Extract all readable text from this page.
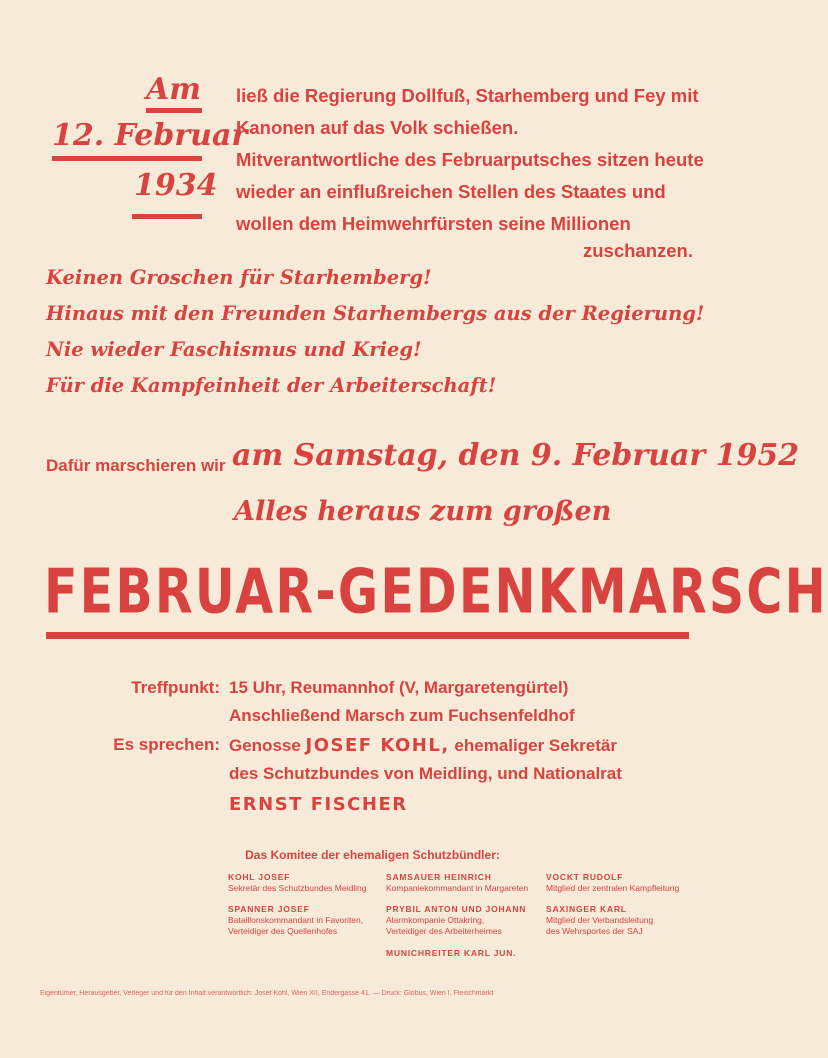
Am
12. Februar
1934
ließ die Regierung Dollfuß, Starhemberg und Fey mit
Kanonen auf das Volk schießen.
Mitverantwortliche des Februarputsches sitzen heute
wieder an einflußreichen Stellen des Staates und
wollen dem Heimwehrfürsten seine Millionen
zuschanzen.
Keinen Groschen für Starhemberg!
Hinaus mit den Freunden Starhembergs aus der Regierung!
Nie wieder Faschismus und Krieg!
Für die Kampfeinheit der Arbeiterschaft!
Dafür marschieren wir am Samstag, den 9. Februar 1952
Alles heraus zum großen
FEBRUAR-GEDENKMARSCH
Treffpunkt: 15 Uhr, Reumannhof (V, Margaretengürtel)
Anschließend Marsch zum Fuchsenfeldhof
Es sprechen: Genosse JOSEF KOHL, ehemaliger Sekretär
des Schutzbundes von Meidling, und Nationalrat
ERNST FISCHER
Das Komitee der ehemaligen Schutzbündler:
KOHL JOSEF
Sekretär des Schutzbundes Meidling
SAMSAUER HEINRICH
Kompaniekommandant in Margareten
VOCKT RUDOLF
Mitglied der zentralen Kampfleitung
SPANNER JOSEF
Bataillonskommandant in Favoriten,
Verteidiger des Quellenhofes
PRYBIL ANTON UND JOHANN
Alarmkompanie Ottakring,
Verteidiger des Arbeiterheimes
SAXINGER KARL
Mitglied der Verbandsleitung
des Wehrsportes der SAJ
MUNICHREITER KARL JUN.
Eigentümer, Herausgeber, Verleger und für den Inhalt verantwortlich: Josef Kohl, Wien XII, Endergasse 41. — Druck: Globus, Wien I, Fleischmarkt
